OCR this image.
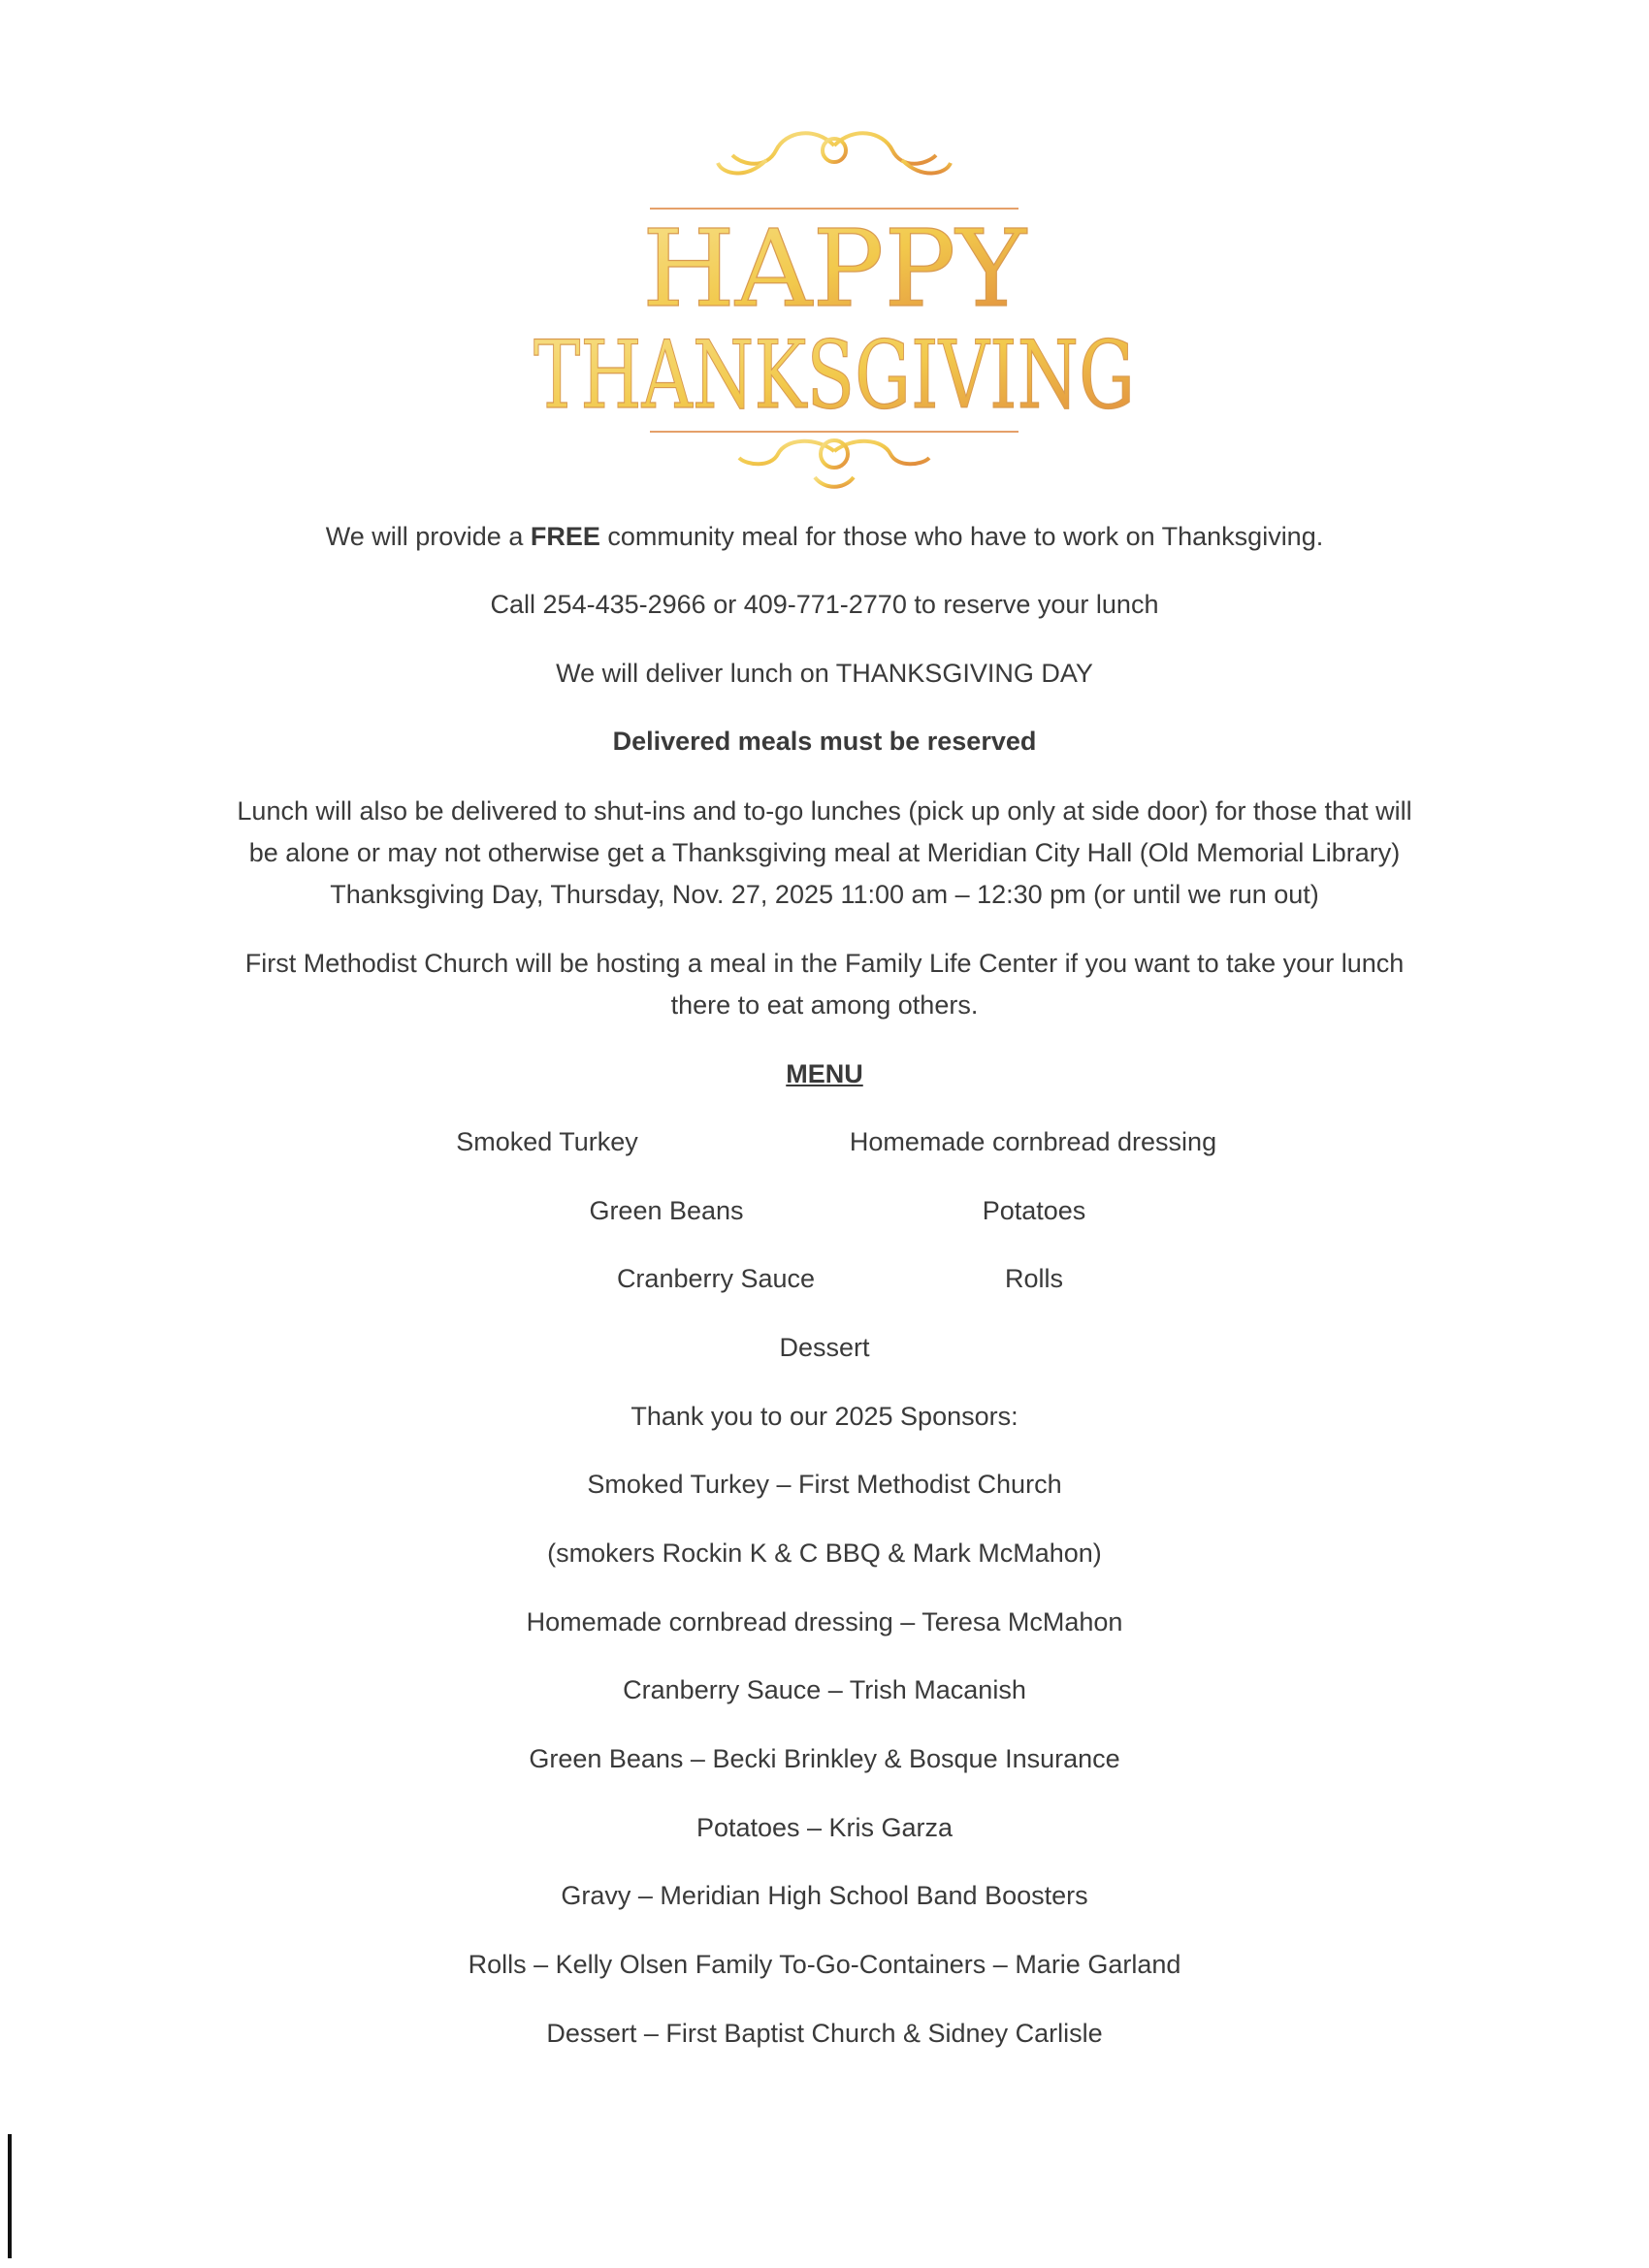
HAPPY
THANKSGIVING

We will provide a FREE community meal for those who have to work on Thanksgiving.

Call 254-435-2966 or 409-771-2770 to reserve your lunch

We will deliver lunch on THANKSGIVING DAY

Delivered meals must be reserved

Lunch will also be delivered to shut-ins and to-go lunches (pick up only at side door) for those that will

be alone or may not otherwise get a Thanksgiving meal at Meridian City Hall (Old Memorial Library)

Thanksgiving Day, Thursday, Nov. 27, 2025 11:00 am – 12:30 pm (or until we run out)

First Methodist Church will be hosting a meal in the Family Life Center if you want to take your lunch

there to eat among others.

MENU

Smoked Turkey	Homemade cornbread dressing
Green Beans	Potatoes
Cranberry Sauce	Rolls

Dessert

Thank you to our 2025 Sponsors:

Smoked Turkey – First Methodist Church

(smokers Rockin K & C BBQ & Mark McMahon)

Homemade cornbread dressing – Teresa McMahon

Cranberry Sauce – Trish Macanish

Green Beans – Becki Brinkley & Bosque Insurance

Potatoes – Kris Garza

Gravy – Meridian High School Band Boosters

Rolls – Kelly Olsen Family To-Go-Containers – Marie Garland

Dessert – First Baptist Church & Sidney Carlisle
